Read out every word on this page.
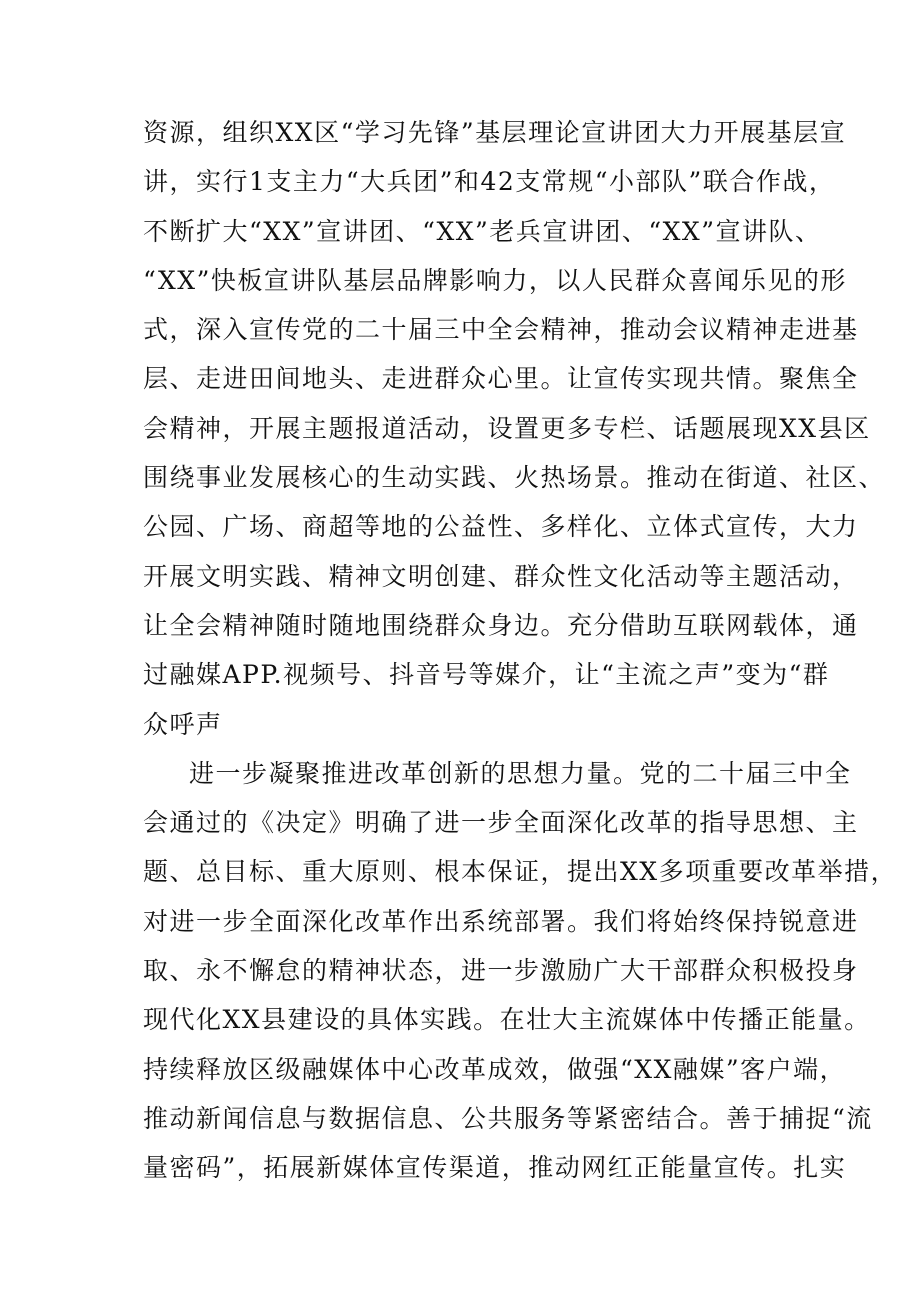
资源，组织XX区“学习先锋”基层理论宣讲团大力开展基层宣
讲，实行1支主力“大兵团”和42支常规“小部队”联合作战，
不断扩大“XX”宣讲团、“XX”老兵宣讲团、“XX”宣讲队、
“XX”快板宣讲队基层品牌影响力，以人民群众喜闻乐见的形
式，深入宣传党的二十届三中全会精神，推动会议精神走进基
层、走进田间地头、走进群众心里。让宣传实现共情。聚焦全
会精神，开展主题报道活动，设置更多专栏、话题展现XX县区
围绕事业发展核心的生动实践、火热场景。推动在街道、社区、
公园、广场、商超等地的公益性、多样化、立体式宣传，大力
开展文明实践、精神文明创建、群众性文化活动等主题活动，
让全会精神随时随地围绕群众身边。充分借助互联网载体，通
过融媒APP.视频号、抖音号等媒介，让“主流之声”变为“群
众呼声

进一步凝聚推进改革创新的思想力量。党的二十届三中全
会通过的《决定》明确了进一步全面深化改革的指导思想、主
题、总目标、重大原则、根本保证，提出XX多项重要改革举措，
对进一步全面深化改革作出系统部署。我们将始终保持锐意进
取、永不懈怠的精神状态，进一步激励广大干部群众积极投身
现代化XX县建设的具体实践。在壮大主流媒体中传播正能量。
持续释放区级融媒体中心改革成效，做强“XX融媒”客户端，
推动新闻信息与数据信息、公共服务等紧密结合。善于捕捉“流
量密码”，拓展新媒体宣传渠道，推动网红正能量宣传。扎实
